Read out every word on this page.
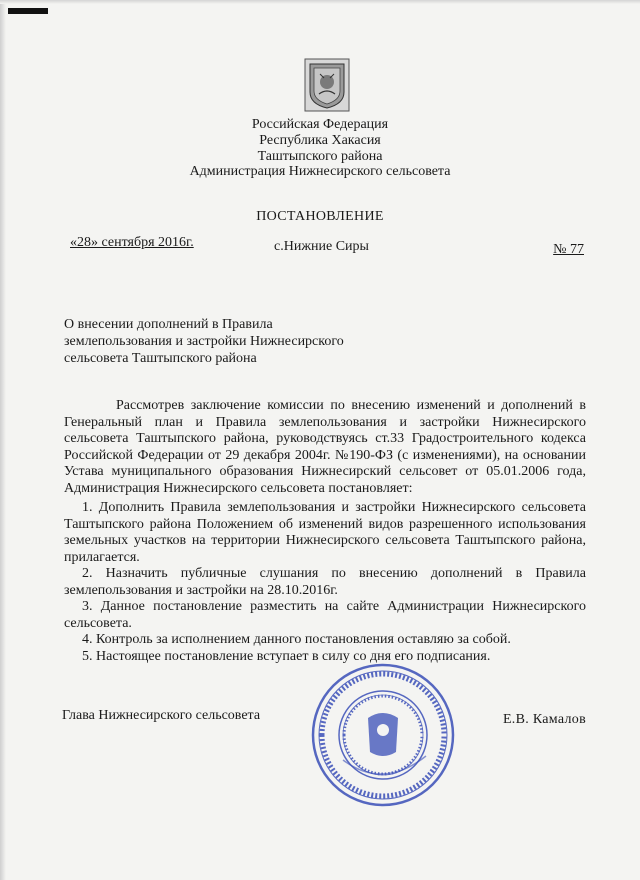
Российская Федерация
Республика Хакасия
Таштыпского района
Администрация Нижнесирского сельсовета
ПОСТАНОВЛЕНИЕ
«28» сентября 2016г.	с.Нижние Сиры	№ 77
О внесении дополнений в Правила
землепользования и застройки Нижнесирского
сельсовета Таштыпского района
Рассмотрев заключение комиссии по внесению изменений и дополнений в Генеральный план и Правила землепользования и застройки Нижнесирского сельсовета Таштыпского района, руководствуясь ст.33 Градостроительного кодекса Российской Федерации от 29 декабря 2004г. №190-ФЗ (с изменениями), на основании Устава муниципального образования Нижнесирский сельсовет от 05.01.2006 года, Администрация Нижнесирского сельсовета постановляет:

1. Дополнить Правила землепользования и застройки Нижнесирского сельсовета Таштыпского района Положением об изменений видов разрешенного использования земельных участков на территории Нижнесирского сельсовета Таштыпского района, прилагается.

2. Назначить публичные слушания по внесению дополнений в Правила землепользования и застройки на 28.10.2016г.

3. Данное постановление разместить на сайте Администрации Нижнесирского сельсовета.

4. Контроль за исполнением данного постановления оставляю за собой.

5. Настоящее постановление вступает в силу со дня его подписания.

Глава Нижнесирского сельсовета	Е.В. Камалов
